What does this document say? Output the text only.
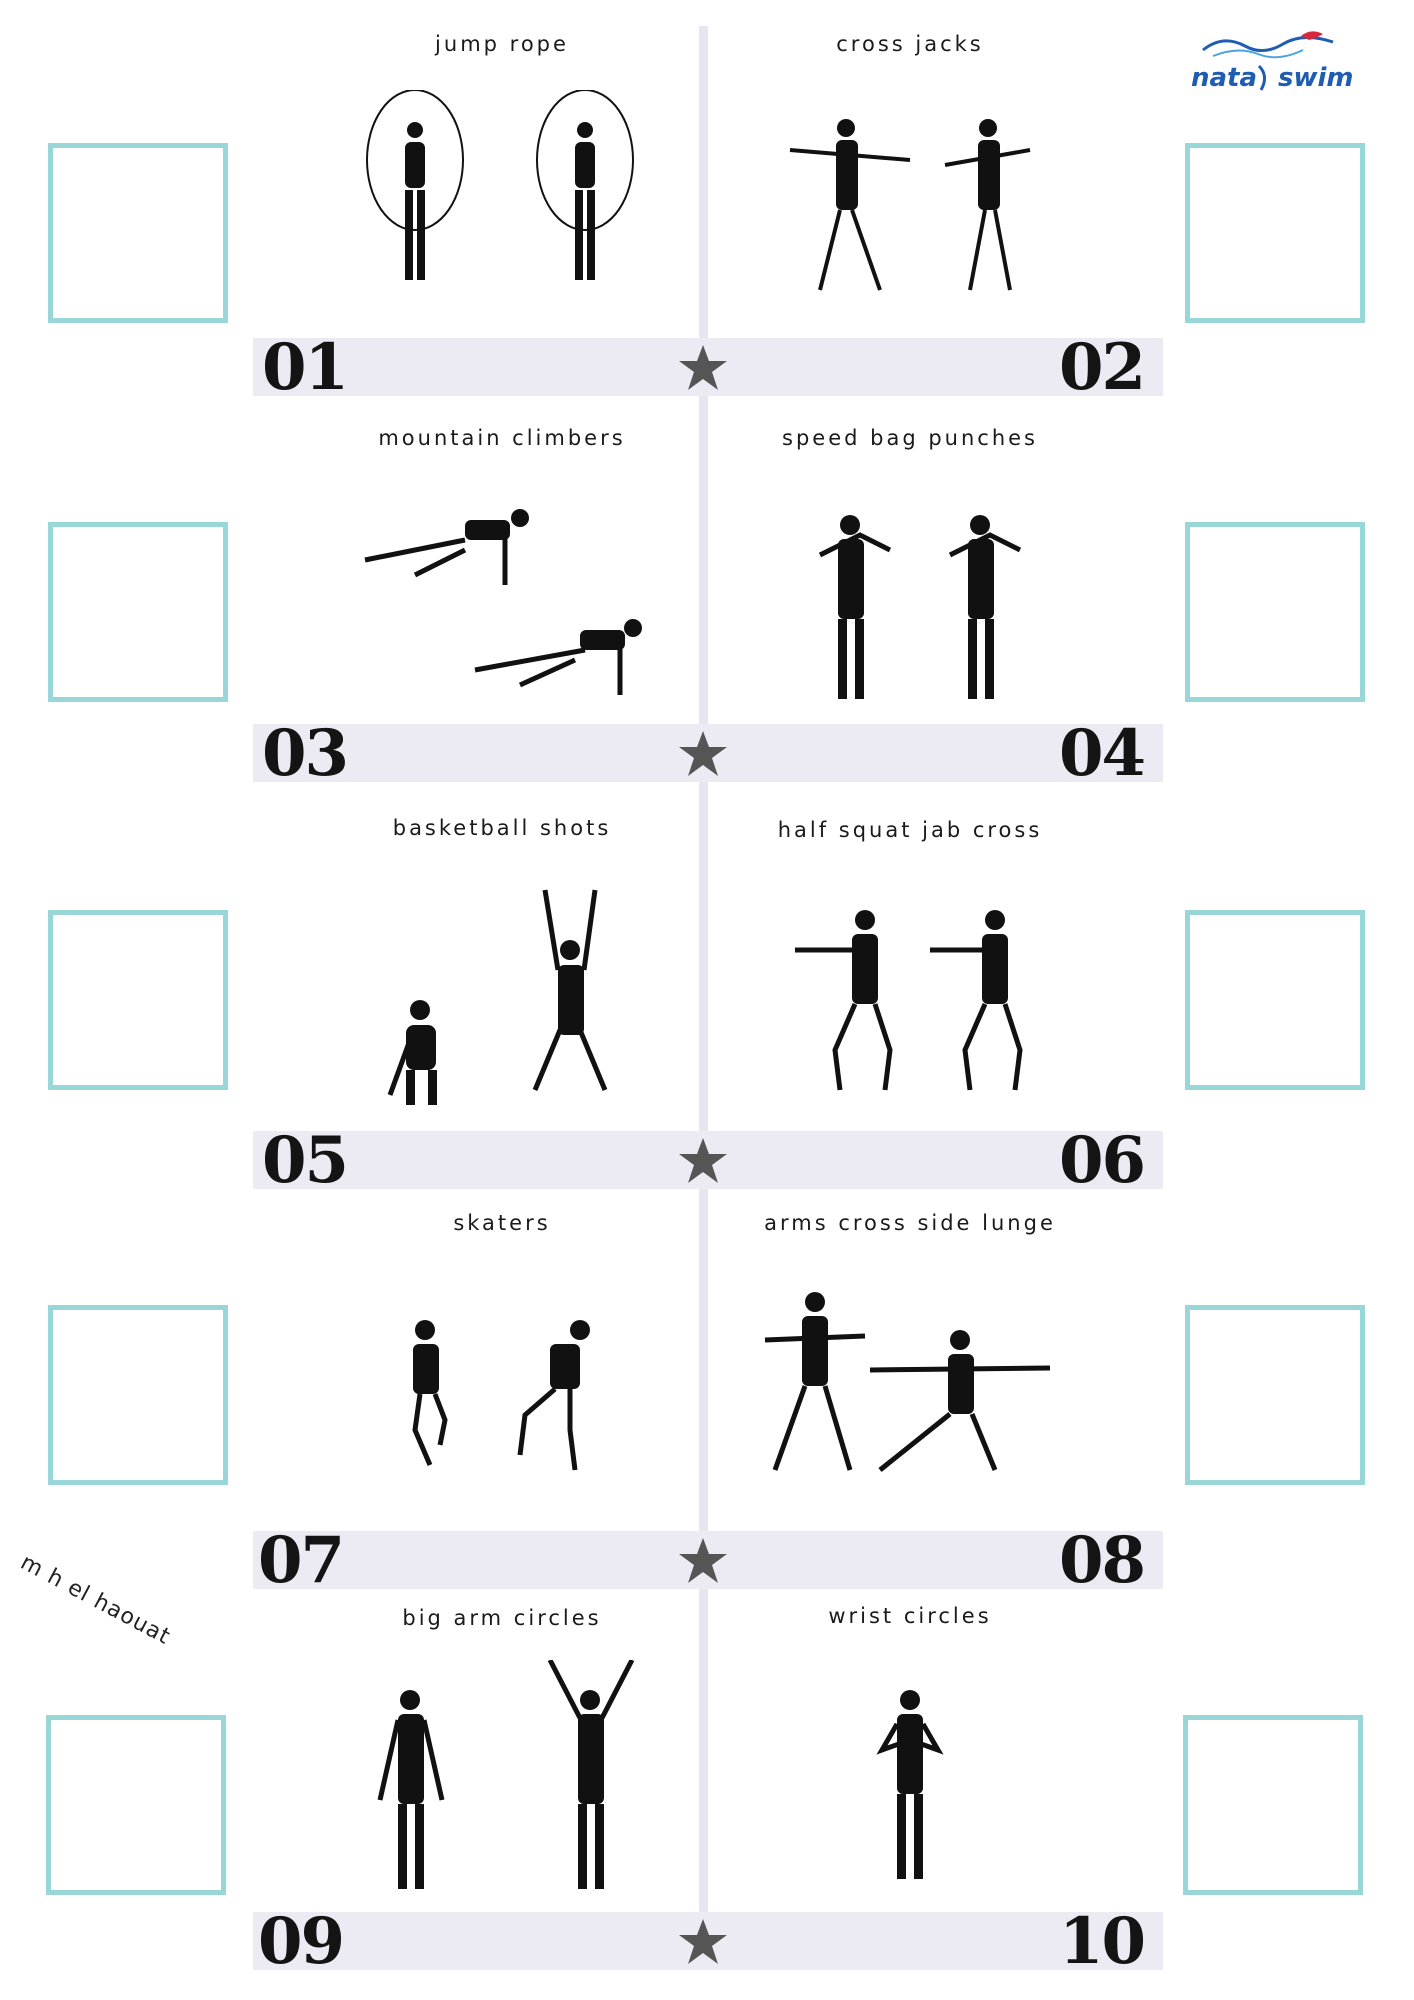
nata swim
jump rope	cross jacks
mountain climbers	speed bag punches
basketball shots	half squat jab cross
skaters	arms cross side lunge
big arm circles	wrist circles
01	02
03	04
05	06
07	08
09	10
m h el haouat
